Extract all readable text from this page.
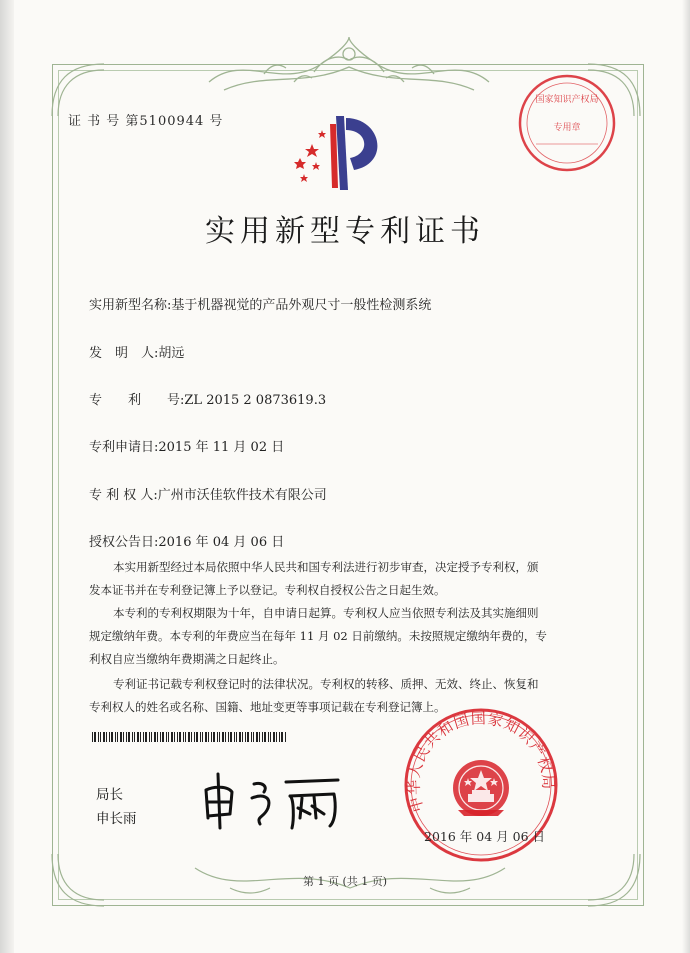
证 书 号 第5100944 号
国家知识产权局
专用章
实用新型专利证书
实用新型名称:基于机器视觉的产品外观尺寸一般性检测系统
发　明　人:胡远
专　　利　　号:ZL 2015 2 0873619.3
专利申请日:2015 年 11 月 02 日
专 利 权 人:广州市沃佳软件技术有限公司
授权公告日:2016 年 04 月 06 日

本实用新型经过本局依照中华人民共和国专利法进行初步审查，决定授予专利权，颁

发本证书并在专利登记簿上予以登记。专利权自授权公告之日起生效。

本专利的专利权期限为十年，自申请日起算。专利权人应当依照专利法及其实施细则

规定缴纳年费。本专利的年费应当在每年 11 月 02 日前缴纳。未按照规定缴纳年费的，专

利权自应当缴纳年费期满之日起终止。

专利证书记载专利权登记时的法律状况。专利权的转移、质押、无效、终止、恢复和

专利权人的姓名或名称、国籍、地址变更等事项记载在专利登记簿上。

局长
申长雨
中华人民共和国国家知识产权局
2016 年 04 月 06 日
第 1 页 (共 1 页)
